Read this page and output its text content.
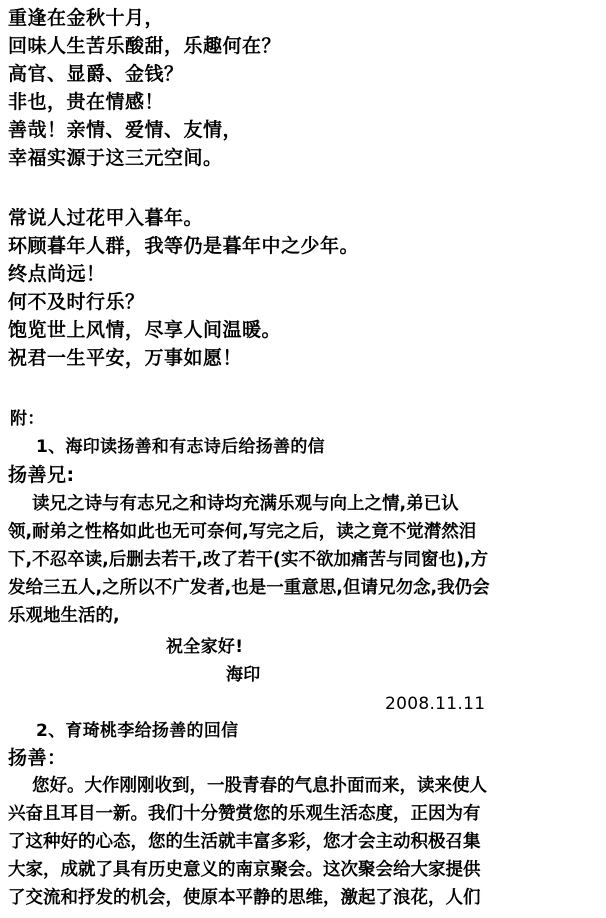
重逢在金秋十月，
回味人生苦乐酸甜，乐趣何在？
高官、显爵、金钱？
非也，贵在情感！
善哉！亲情、爱情、友情，
幸福实源于这三元空间。
常说人过花甲入暮年。
环顾暮年人群，我等仍是暮年中之少年。
终点尚远！
何不及时行乐？
饱览世上风情，尽享人间温暖。
祝君一生平安，万事如愿！
附：
1、海印读扬善和有志诗后给扬善的信
扬善兄:
读兄之诗与有志兄之和诗均充满乐观与向上之情,弟已认
领,耐弟之性格如此也无可奈何,写完之后，读之竟不觉潸然泪
下,不忍卒读,后删去若干,改了若干(实不欲加痛苦与同窗也),方
发给三五人,之所以不广发者,也是一重意思,但请兄勿念,我仍会
乐观地生活的,
祝全家好!
海印
2008.11.11
2、育琦桃李给扬善的回信
扬善：
您好。大作刚刚收到，一股青春的气息扑面而来，读来使人
兴奋且耳目一新。我们十分赞赏您的乐观生活态度，正因为有
了这种好的心态，您的生活就丰富多彩，您才会主动积极召集
大家，成就了具有历史意义的南京聚会。这次聚会给大家提供
了交流和抒发的机会，使原本平静的思维，激起了浪花，人们
